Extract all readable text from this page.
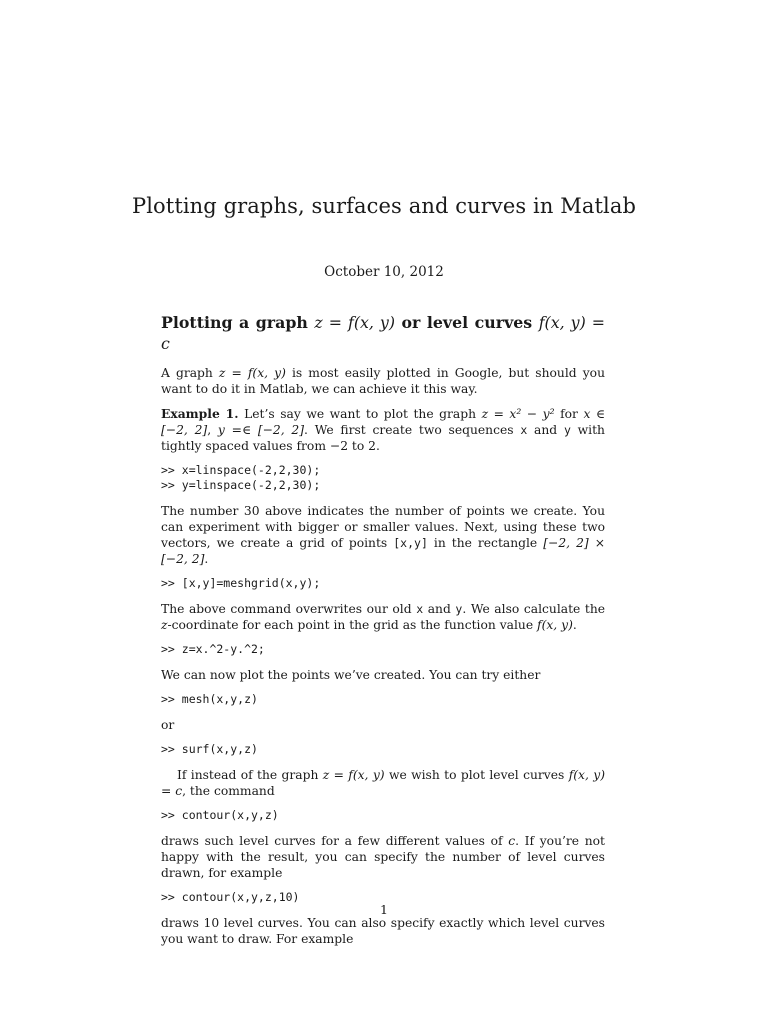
Plotting graphs, surfaces and curves in Matlab
October 10, 2012
Plotting a graph z = f(x, y) or level curves f(x, y) = c

A graph z = f(x, y) is most easily plotted in Google, but should you want to do it in Matlab, we can achieve it this way.

Example 1. Let’s say we want to plot the graph z = x² − y² for x ∈ [−2, 2], y =∈ [−2, 2]. We first create two sequences x and y with tightly spaced values from −2 to 2.

>> x=linspace(-2,2,30);
>> y=linspace(-2,2,30);

The number 30 above indicates the number of points we create. You can experiment with bigger or smaller values. Next, using these two vectors, we create a grid of points [x,y] in the rectangle [−2, 2] × [−2, 2].

>> [x,y]=meshgrid(x,y);

The above command overwrites our old x and y. We also calculate the z-coordinate for each point in the grid as the function value f(x, y).

>> z=x.^2-y.^2;

We can now plot the points we’ve created. You can try either

>> mesh(x,y,z)

or

>> surf(x,y,z)

If instead of the graph z = f(x, y) we wish to plot level curves f(x, y) = c, the command

>> contour(x,y,z)

draws such level curves for a few different values of c. If you’re not happy with the result, you can specify the number of level curves drawn, for example

>> contour(x,y,z,10)

draws 10 level curves. You can also specify exactly which level curves you want to draw. For example

1
